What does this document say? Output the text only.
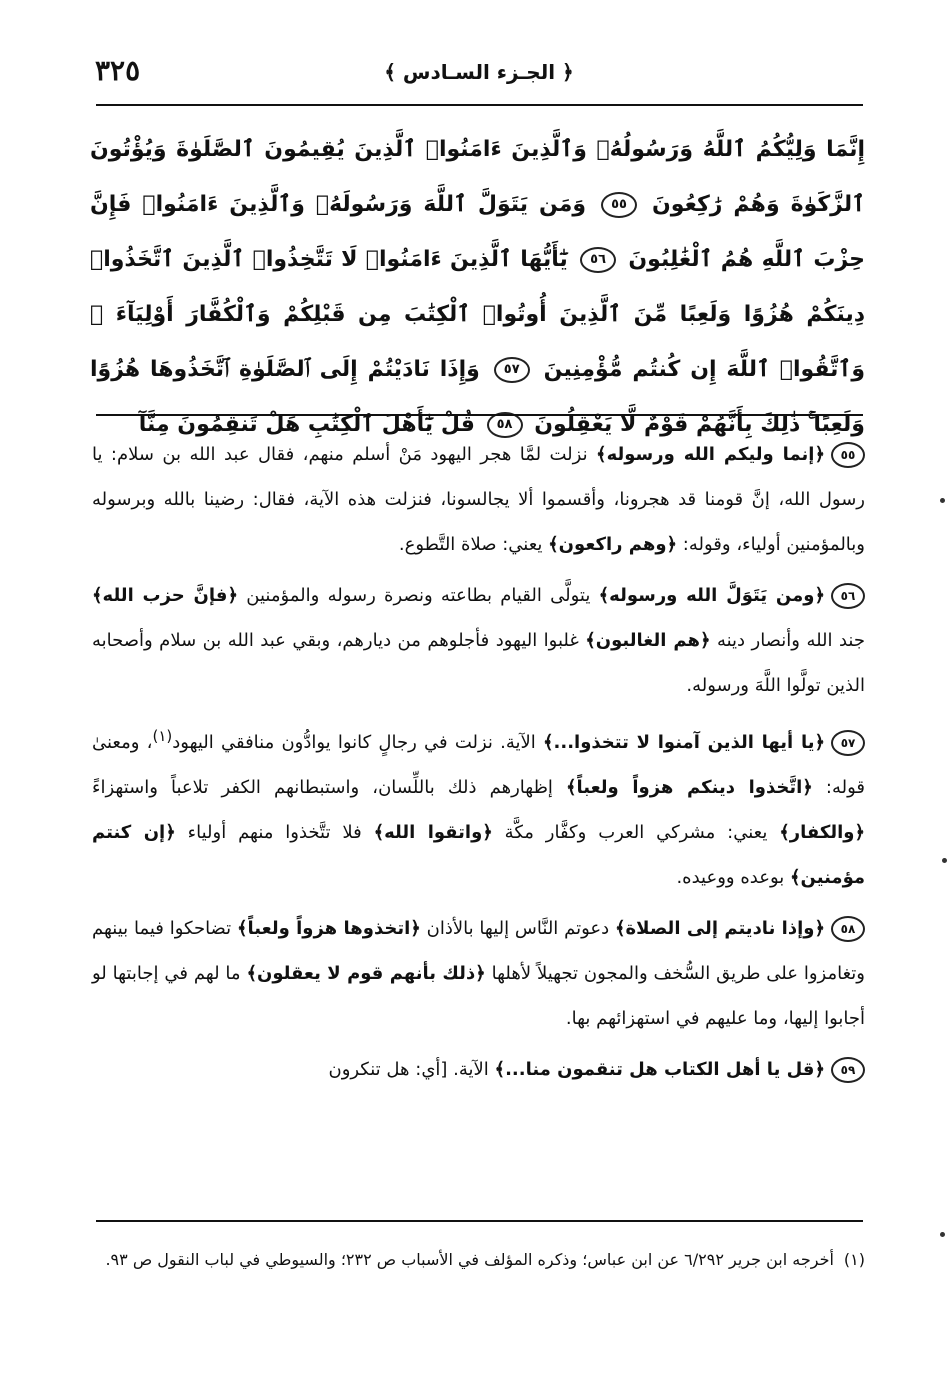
٣٢٥	﴿ الجـزء السـادس ﴾
إِنَّمَا وَلِيُّكُمُ ٱللَّهُ وَرَسُولُهُۥ وَٱلَّذِينَ ءَامَنُوا۟ ٱلَّذِينَ يُقِيمُونَ ٱلصَّلَوٰةَ وَيُؤْتُونَ ٱلزَّكَوٰةَ وَهُمْ رَٰكِعُونَ ٥٥ وَمَن يَتَوَلَّ ٱللَّهَ وَرَسُولَهُۥ وَٱلَّذِينَ ءَامَنُوا۟ فَإِنَّ حِزْبَ ٱللَّهِ هُمُ ٱلْغَٰلِبُونَ ٥٦ يَٰٓأَيُّهَا ٱلَّذِينَ ءَامَنُوا۟ لَا تَتَّخِذُوا۟ ٱلَّذِينَ ٱتَّخَذُوا۟ دِينَكُمْ هُزُوًا وَلَعِبًا مِّنَ ٱلَّذِينَ أُوتُوا۟ ٱلْكِتَٰبَ مِن قَبْلِكُمْ وَٱلْكُفَّارَ أَوْلِيَآءَ ۚ وَٱتَّقُوا۟ ٱللَّهَ إِن كُنتُم مُّؤْمِنِينَ ٥٧ وَإِذَا نَادَيْتُمْ إِلَى ٱلصَّلَوٰةِ ٱتَّخَذُوهَا هُزُوًا وَلَعِبًا ۚ ذَٰلِكَ بِأَنَّهُمْ قَوْمٌ لَّا يَعْقِلُونَ ٥٨ قُلْ يَٰٓأَهْلَ ٱلْكِتَٰبِ هَلْ تَنقِمُونَ مِنَّآ

٥٥﴿إنما وليكم الله ورسوله﴾ نزلت لمَّا هجر اليهود مَنْ أسلم منهم، فقال عبد الله بن سلام: يا رسول الله، إنَّ قومنا قد هجرونا، وأقسموا ألا يجالسونا، فنزلت هذه الآية، فقال: رضينا بالله وبرسوله وبالمؤمنين أولياء، وقوله: ﴿وهم راكعون﴾ يعني: صلاة التَّطوع.

٥٦﴿ومن يَتَوَلَّ الله ورسوله﴾ يتولَّى القيام بطاعته ونصرة رسوله والمؤمنين ﴿فإنَّ حزب الله﴾ جند الله وأنصار دينه ﴿هم الغالبون﴾ غلبوا اليهود فأجلوهم من ديارهم، وبقي عبد الله بن سلام وأصحابه الذين تولَّوا اللَّهَ ورسوله.

٥٧﴿يا أيها الذين آمنوا لا تتخذوا...﴾ الآية. نزلت في رجالٍ كانوا يوادُّون منافقي اليهود$^{(١)}$، ومعنىٰ قوله: ﴿اتَّخذوا دينكم هزواً ولعباً﴾ إظهارهم ذلك باللِّسان، واستبطانهم الكفر تلاعباً واستهزاءً ﴿والكفار﴾ يعني: مشركي العرب وكفَّار مكَّة ﴿واتقوا الله﴾ فلا تتَّخذوا منهم أولياء ﴿إن كنتم مؤمنين﴾ بوعده ووعيده.

٥٨﴿وإذا ناديتم إلى الصلاة﴾ دعوتم النَّاس إليها بالأذان ﴿اتخذوها هزواً ولعباً﴾ تضاحكوا فيما بينهم وتغامزوا على طريق السُّخف والمجون تجهيلاً لأهلها ﴿ذلك بأنهم قوم لا يعقلون﴾ ما لهم في إجابتها لو أجابوا إليها، وما عليهم في استهزائهم بها.

٥٩﴿قل يا أهل الكتاب هل تنقمون منا...﴾ الآية. [أي: هل تنكرون

(١)أخرجه ابن جرير ٦/٢٩٢ عن ابن عباس؛ وذكره المؤلف في الأسباب ص ٢٣٢؛ والسيوطي في لباب النقول ص ٩٣.
